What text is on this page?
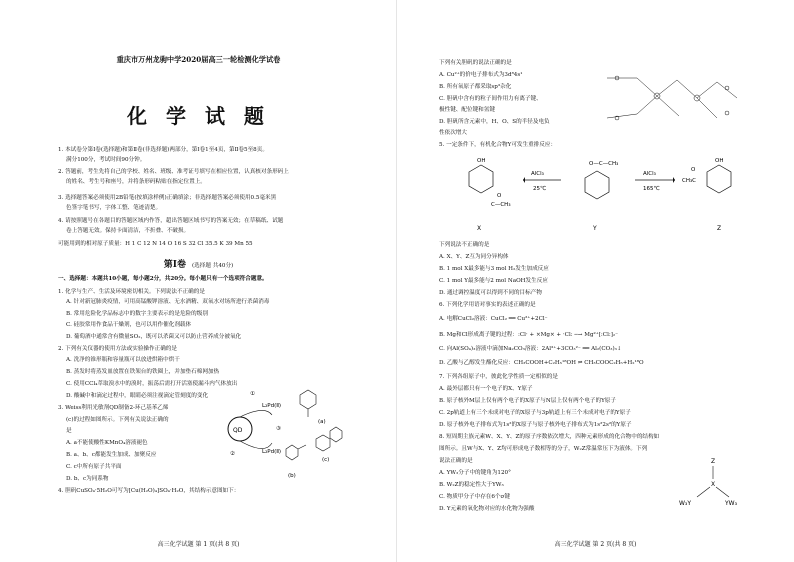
重庆市万州龙驹中学2020届高三一轮检测化学试卷
化 学 试 题
1. 本试卷分第Ⅰ卷(选择题)和第Ⅱ卷(非选择题)两部分，第Ⅰ卷1至4页，第Ⅱ卷5至8页。
满分100分，考试时间90分钟。
2. 答题前，考生先将自己的学校、姓名、班级、准考证号填写在相应位置，认真核对条形码上
的姓名、考生号和座号，并将条形码粘贴在指定位置上。
3. 选择题答案必须使用2B铅笔(按填涂样例)正确填涂；非选择题答案必须使用0.5毫米黑
色签字笔书写，字体工整、笔迹清楚。
4. 请按照题号在各题目的答题区域内作答，超出答题区域书写的答案无效；在草稿纸、试题
卷上答题无效。保持卡面清洁，不折叠、不破损。
可能用到的相对原子质量：H 1 C 12 N 14 O 16 S 32 Cl 35.5 K 39 Mn 55
第Ⅰ卷 (选择题 共40分)
一、选择题：本题共10小题，每小题2分，共20分。每小题只有一个选项符合题意。
1. 化学与生产、生活及环境密切相关。下列说法不正确的是
A. 针对新冠肺炎疫情，可用高锰酸钾溶液、无水酒精、双氧水对场所进行杀菌消毒
B. 常用危险化学品标志中的数字主要表示的是危险的级别
C. 硅胶常用作食品干燥剂，也可以用作催化剂载体
D. 葡萄酒中通常含有微量SO₂，既可以杀菌又可以防止营养成分被氧化
2. 下列有关仪器的使用方法或实验操作正确的是
A. 洗净的锥形瓶和容量瓶可以放进烘箱中烘干
B. 蒸发时将蒸发皿放置在铁架台的铁圈上，并加垫石棉网加热
C. 使用CCl₄萃取溴水中的溴时，振荡后需打开活塞使漏斗内气体放出
D. 酸碱中和滴定过程中，眼睛必须注视滴定管刻度的变化
3. Weiss利用光敏剂QD制备2-环己基苯乙烯
(c)的过程如图所示。下列有关说法正确的
是
A. a不能使酸性KMnO₄溶液褪色
B. a、b、c都能发生加成、加聚反应
C. c中所有原子共平面
D. b、c为同系物
4. 胆矾CuSO₄·5H₂O可写为[Cu(H₂O)₄]SO₄·H₂O，其结构示意图如下：
QD
L₂Pd(Ⅱ)
L₂Pd(Ⅱ)
②
③
①
(a)
(b)
(c)
高三化学试题 第 1 页(共 8 页)
下列有关胆矾的说法正确的是
A. Cu²⁺的价电子排布式为3d⁸4s¹
B. 所有氧原子都采取sp³杂化
C. 胆矾中含有的粒子间作用力有离子键、
极性键、配位键和氢键
D. 胆矾所含元素中，H、O、S的半径及电负
性依次增大
5. 一定条件下，有机化合物Y可发生重排反应：
OH
C—CH₃
O
X
AlCl₃
25℃
O—C—CH₃
Y
AlCl₃
165℃
OH
CH₃C
O
Z
下列说法不正确的是
A. X、Y、Z互为同分异构体
B. 1 mol X最多能与3 mol H₂发生加成反应
C. 1 mol Y最多能与2 mol NaOH发生反应
D. 通过调控温度可以得到不同的目标产物
6. 下列化学用语对事实的表述正确的是
A. 电解CuCl₂溶液：CuCl₂ ══ Cu²⁺+2Cl⁻
B. Mg和Cl形成离子键的过程：:Cl· + ×Mg× + ·Cl: ─→ Mg²⁺[:Cl:]₂⁻
C. 向Al(SO₄)₃溶液中滴加Na₂CO₃溶液：2Al³⁺+3CO₃²⁻ ══ Al₂(CO₃)₃↓
D. 乙酸与乙醇发生酯化反应：CH₃COOH+C₂H₅¹⁸OH ⇌ CH₃COOC₂H₅+H₂¹⁸O
7. 下列各组原子中，彼此化学性质一定相似的是
A. 最外层都只有一个电子的X、Y原子
B. 原子核外M层上仅有两个电子的X原子与N层上仅有两个电子的Y原子
C. 2p轨道上有三个未成对电子的X原子与3p轨道上有三个未成对电子的Y原子
D. 原子核外电子排布式为1s²的X原子与原子核外电子排布式为1s²2s²的Y原子
8. 短周期主族元素W、X、Y、Z的原子序数依次增大，四种元素形成的化合物中的结构如
图所示。且W与X、Y、Z均可形成电子数相等的分子，W₂Z常温常压下为液体。下列
说法正确的是
A. YW₃分子中的键角为120°
B. W₂Z的稳定性大于YW₃
C. 物质甲分子中存在6个σ键
D. Y元素的氧化物对应的水化物为强酸
Z
X
W₃Y	YW₃
高三化学试题 第 2 页(共 8 页)
